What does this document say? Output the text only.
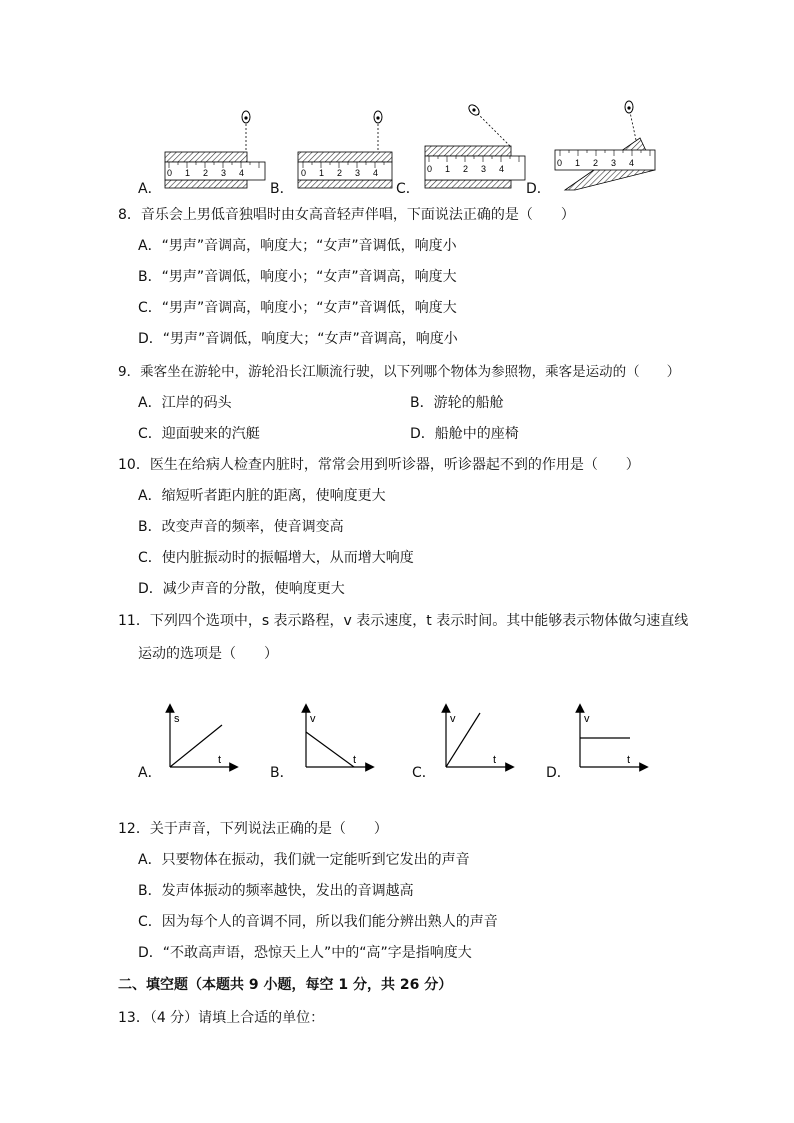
0 1 2 3 4	0 1 2 3 4	0 1 2 3 4
0 1 2 3 4
A．	B．	C．	D．
8．音乐会上男低音独唱时由女高音轻声伴唱，下面说法正确的是（　　）
A．“男声”音调高，响度大；“女声”音调低，响度小
B．“男声”音调低，响度小；“女声”音调高，响度大
C．“男声”音调高，响度小；“女声”音调低，响度大
D．“男声”音调低，响度大；“女声”音调高，响度小
9．乘客坐在游轮中，游轮沿长江顺流行驶，以下列哪个物体为参照物，乘客是运动的（　　）
A．江岸的码头	B．游轮的船舱
C．迎面驶来的汽艇	D．船舱中的座椅
10．医生在给病人检查内脏时，常常会用到听诊器，听诊器起不到的作用是（　　）
A．缩短听者距内脏的距离，使响度更大
B．改变声音的频率，使音调变高
C．使内脏振动时的振幅增大，从而增大响度
D．减少声音的分散，使响度更大
11．下列四个选项中，s 表示路程，v 表示速度，t 表示时间。其中能够表示物体做匀速直线
运动的选项是（　　）
s
t
v
t
v
t
v
t
A．	B．	C．	D．
12．关于声音，下列说法正确的是（　　）
A．只要物体在振动，我们就一定能听到它发出的声音
B．发声体振动的频率越快，发出的音调越高
C．因为每个人的音调不同，所以我们能分辨出熟人的声音
D．“不敢高声语，恐惊天上人”中的“高”字是指响度大
二、填空题（本题共 9 小题，每空 1 分，共 26 分）
13．（4 分）请填上合适的单位：
